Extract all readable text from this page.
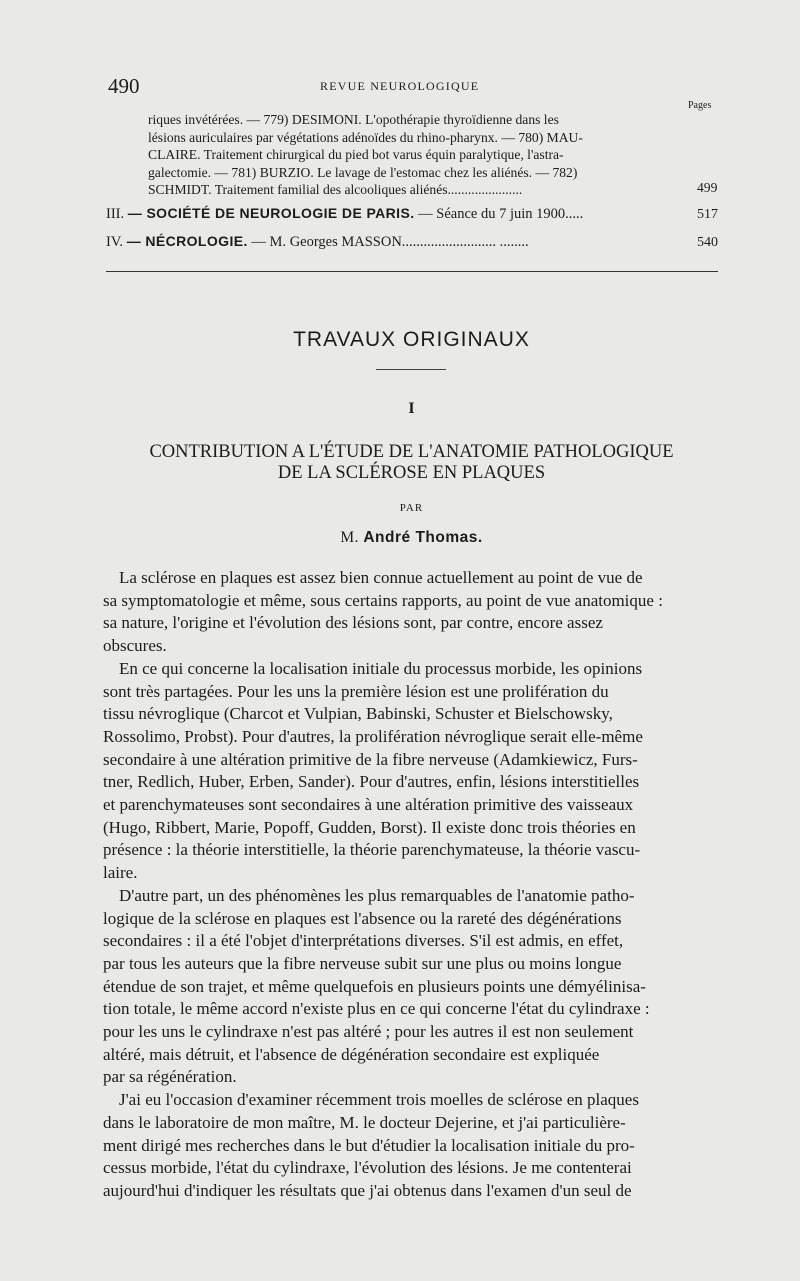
490	REVUE NEUROLOGIQUE
Pages
riques invétérées. — 779) DESIMONI. L'opothérapie thyroïdienne dans les
lésions auriculaires par végétations adénoïdes du rhino-pharynx. — 780) MAU-
CLAIRE. Traitement chirurgical du pied bot varus équin paralytique, l'astra-
galectomie. — 781) BURZIO. Le lavage de l'estomac chez les aliénés. — 782)
SCHMIDT. Traitement familial des alcooliques aliénés......................	499
III. — SOCIÉTÉ DE NEUROLOGIE DE PARIS. — Séance du 7 juin 1900.....	517
IV. — NÉCROLOGIE. — M. Georges MASSON.......................... ........	540
TRAVAUX ORIGINAUX
I
CONTRIBUTION A L'ÉTUDE DE L'ANATOMIE PATHOLOGIQUE
DE LA SCLÉROSE EN PLAQUES
PAR
M. André Thomas.
La sclérose en plaques est assez bien connue actuellement au point de vue de
sa symptomatologie et même, sous certains rapports, au point de vue anatomique :
sa nature, l'origine et l'évolution des lésions sont, par contre, encore assez
obscures.
En ce qui concerne la localisation initiale du processus morbide, les opinions
sont très partagées. Pour les uns la première lésion est une prolifération du
tissu névroglique (Charcot et Vulpian, Babinski, Schuster et Bielschowsky,
Rossolimo, Probst). Pour d'autres, la prolifération névroglique serait elle-même
secondaire à une altération primitive de la fibre nerveuse (Adamkiewicz, Furs-
tner, Redlich, Huber, Erben, Sander). Pour d'autres, enfin, lésions interstitielles
et parenchymateuses sont secondaires à une altération primitive des vaisseaux
(Hugo, Ribbert, Marie, Popoff, Gudden, Borst). Il existe donc trois théories en
présence : la théorie interstitielle, la théorie parenchymateuse, la théorie vascu-
laire.
D'autre part, un des phénomènes les plus remarquables de l'anatomie patho-
logique de la sclérose en plaques est l'absence ou la rareté des dégénérations
secondaires : il a été l'objet d'interprétations diverses. S'il est admis, en effet,
par tous les auteurs que la fibre nerveuse subit sur une plus ou moins longue
étendue de son trajet, et même quelquefois en plusieurs points une démyélinisa-
tion totale, le même accord n'existe plus en ce qui concerne l'état du cylindraxe :
pour les uns le cylindraxe n'est pas altéré ; pour les autres il est non seulement
altéré, mais détruit, et l'absence de dégénération secondaire est expliquée
par sa régénération.
J'ai eu l'occasion d'examiner récemment trois moelles de sclérose en plaques
dans le laboratoire de mon maître, M. le docteur Dejerine, et j'ai particulière-
ment dirigé mes recherches dans le but d'étudier la localisation initiale du pro-
cessus morbide, l'état du cylindraxe, l'évolution des lésions. Je me contenterai
aujourd'hui d'indiquer les résultats que j'ai obtenus dans l'examen d'un seul de
